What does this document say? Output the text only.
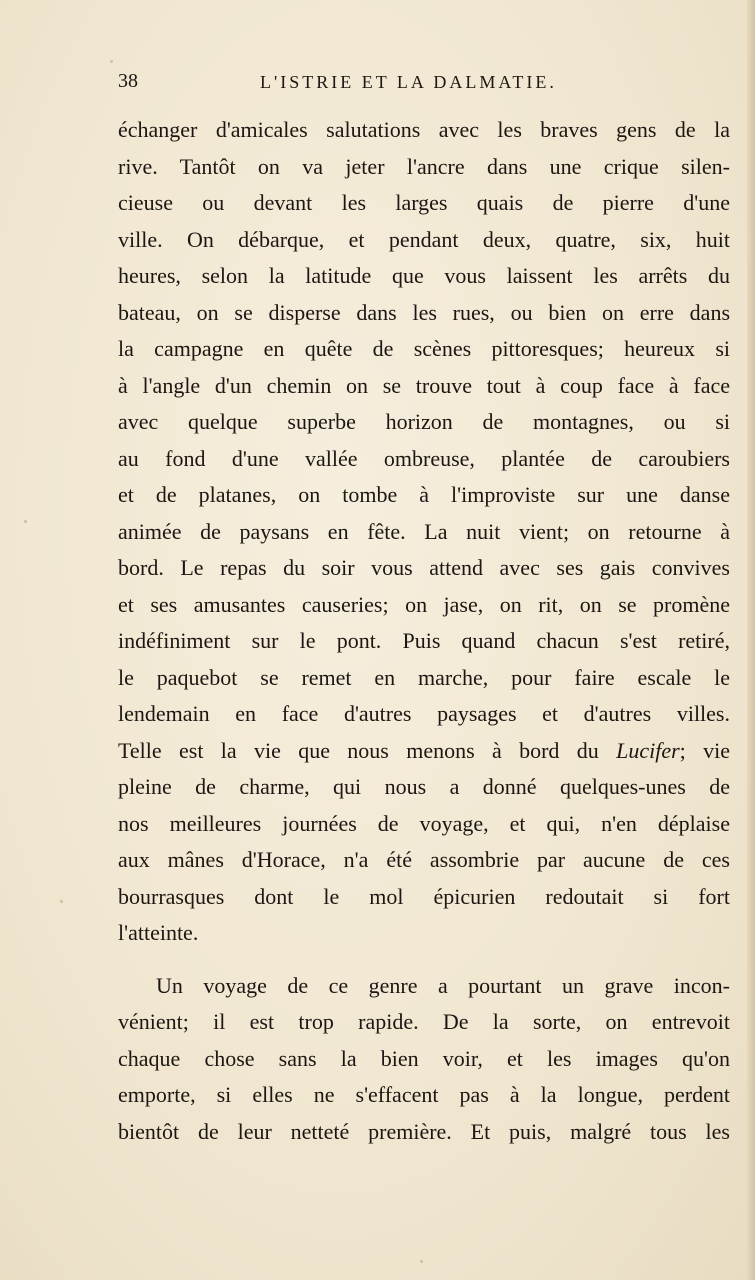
38	L'ISTRIE ET LA DALMATIE.
échanger d'amicales salutations avec les braves gens de la
rive. Tantôt on va jeter l'ancre dans une crique silen-
cieuse ou devant les larges quais de pierre d'une
ville. On débarque, et pendant deux, quatre, six, huit
heures, selon la latitude que vous laissent les arrêts du
bateau, on se disperse dans les rues, ou bien on erre dans
la campagne en quête de scènes pittoresques; heureux si
à l'angle d'un chemin on se trouve tout à coup face à face
avec quelque superbe horizon de montagnes, ou si
au fond d'une vallée ombreuse, plantée de caroubiers
et de platanes, on tombe à l'improviste sur une danse
animée de paysans en fête. La nuit vient; on retourne à
bord. Le repas du soir vous attend avec ses gais convives
et ses amusantes causeries; on jase, on rit, on se promène
indéfiniment sur le pont. Puis quand chacun s'est retiré,
le paquebot se remet en marche, pour faire escale le
lendemain en face d'autres paysages et d'autres villes.
Telle est la vie que nous menons à bord du Lucifer; vie
pleine de charme, qui nous a donné quelques-unes de
nos meilleures journées de voyage, et qui, n'en déplaise
aux mânes d'Horace, n'a été assombrie par aucune de ces
bourrasques dont le mol épicurien redoutait si fort
l'atteinte.
Un voyage de ce genre a pourtant un grave incon-
vénient; il est trop rapide. De la sorte, on entrevoit
chaque chose sans la bien voir, et les images qu'on
emporte, si elles ne s'effacent pas à la longue, perdent
bientôt de leur netteté première. Et puis, malgré tous les
